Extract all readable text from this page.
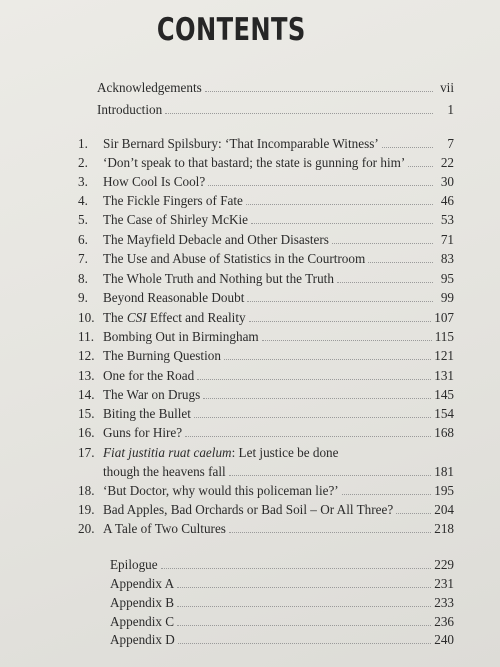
CONTENTS
Acknowledgements	vii
Introduction	1
1.	Sir Bernard Spilsbury: ‘That Incomparable Witness’	7
2.	‘Don’t speak to that bastard; the state is gunning for him’	22
3.	How Cool Is Cool?	30
4.	The Fickle Fingers of Fate	46
5.	The Case of Shirley McKie	53
6.	The Mayfield Debacle and Other Disasters	71
7.	The Use and Abuse of Statistics in the Courtroom	83
8.	The Whole Truth and Nothing but the Truth	95
9.	Beyond Reasonable Doubt	99
10. The CSI Effect and Reality	107
11. Bombing Out in Birmingham	115
12. The Burning Question	121
13. One for the Road	131
14. The War on Drugs	145
15. Biting the Bullet	154
16. Guns for Hire?	168
17. Fiat justitia ruat caelum: Let justice be done
though the heavens fall	181
18. ‘But Doctor, why would this policeman lie?’	195
19. Bad Apples, Bad Orchards or Bad Soil – Or All Three?	204
20. A Tale of Two Cultures	218
Epilogue	229
Appendix A	231
Appendix B	233
Appendix C	236
Appendix D	240
